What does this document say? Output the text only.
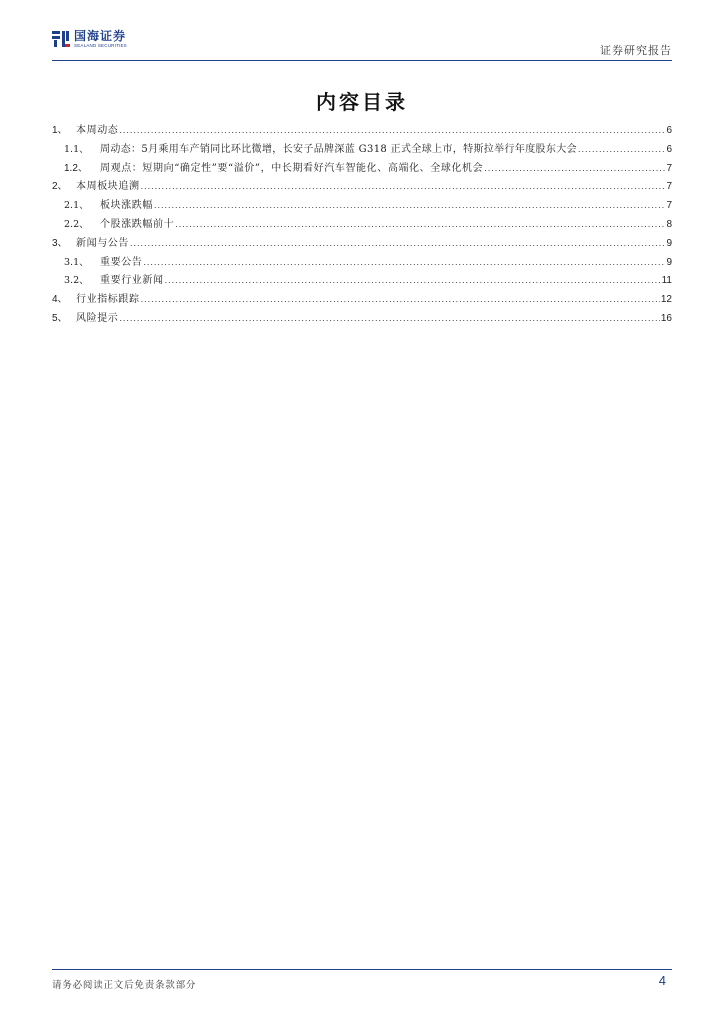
国海证券
SEALAND SECURITIES	证券研究报告
内容目录
1、 本周动态 .....	6
1.1、	周动态：5月乘用车产销同比环比微增，长安子品牌深蓝 G318 正式全球上市，特斯拉举行年度股东大会 .....	6
1.2、	周观点：短期向“确定性”要“溢价”，中长期看好汽车智能化、高端化、全球化机会 .....	7
2、 本周板块追溯 .....	7
2.1、	板块涨跌幅 .....	7
2.2、	个股涨跌幅前十 .....	8
3、 新闻与公告 .....	9
3.1、	重要公告 .....	9
3.2、	重要行业新闻 .....	11
4、 行业指标跟踪 .....	12
5、 风险提示 .....	16
请务必阅读正文后免责条款部分	4
